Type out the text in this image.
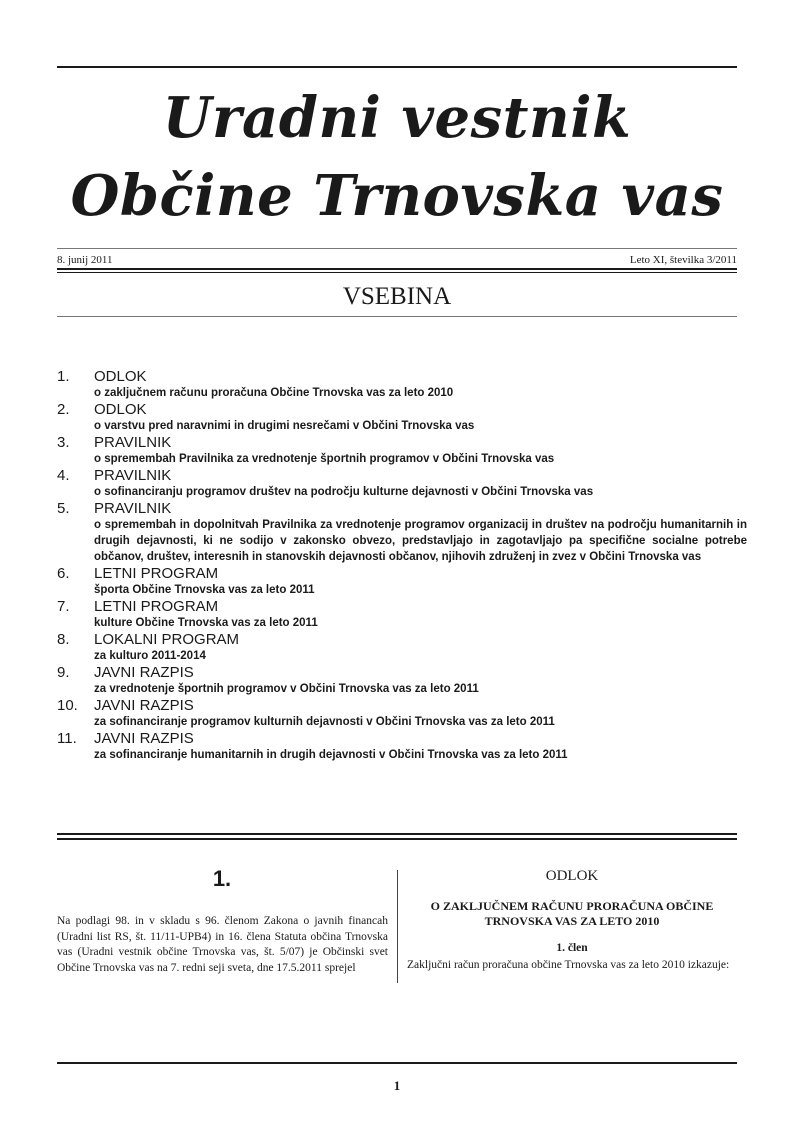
Uradni vestnik
Občine Trnovska vas
8. junij 2011	Leto XI, številka 3/2011
VSEBINA
1.	ODLOK
o zaključnem računu proračuna Občine Trnovska vas za leto 2010
2.	ODLOK
o varstvu pred naravnimi in drugimi nesrečami v Občini Trnovska vas
3.	PRAVILNIK
o spremembah Pravilnika za vrednotenje športnih programov v Občini Trnovska vas
4.	PRAVILNIK
o sofinanciranju programov društev na področju kulturne dejavnosti v Občini Trnovska vas
5.	PRAVILNIK
o spremembah in dopolnitvah Pravilnika za vrednotenje programov organizacij in društev na področju humanitarnih in drugih dejavnosti, ki ne sodijo v zakonsko obvezo, predstavljajo in zagotavljajo pa specifične socialne potrebe občanov, društev, interesnih in stanovskih dejavnosti občanov, njihovih združenj in zvez v Občini Trnovska vas
6.	LETNI PROGRAM
športa Občine Trnovska vas za leto 2011
7.	LETNI PROGRAM
kulture Občine Trnovska vas za leto 2011
8.	LOKALNI PROGRAM
za kulturo 2011-2014
9.	JAVNI RAZPIS
za vrednotenje športnih programov v Občini Trnovska vas za leto 2011
10.	JAVNI RAZPIS
za sofinanciranje programov kulturnih dejavnosti v Občini Trnovska vas za leto 2011
11.	JAVNI RAZPIS
za sofinanciranje humanitarnih in drugih dejavnosti v Občini Trnovska vas za leto 2011
1.

Na podlagi 98. in v skladu s 96. členom Zakona o javnih financah (Uradni list RS, št. 11/11-UPB4) in 16. člena Statuta občina Trnovska vas (Uradni vestnik občine Trnovska vas, št. 5/07) je Občinski svet Občine Trnovska vas na 7. redni seji sveta, dne 17.5.2011 sprejel

ODLOK
O ZAKLJUČNEM RAČUNU PRORAČUNA OBČINE
TRNOVSKA VAS ZA LETO 2010
1. člen

Zaključni račun proračuna občine Trnovska vas za leto 2010 izkazuje:

1
